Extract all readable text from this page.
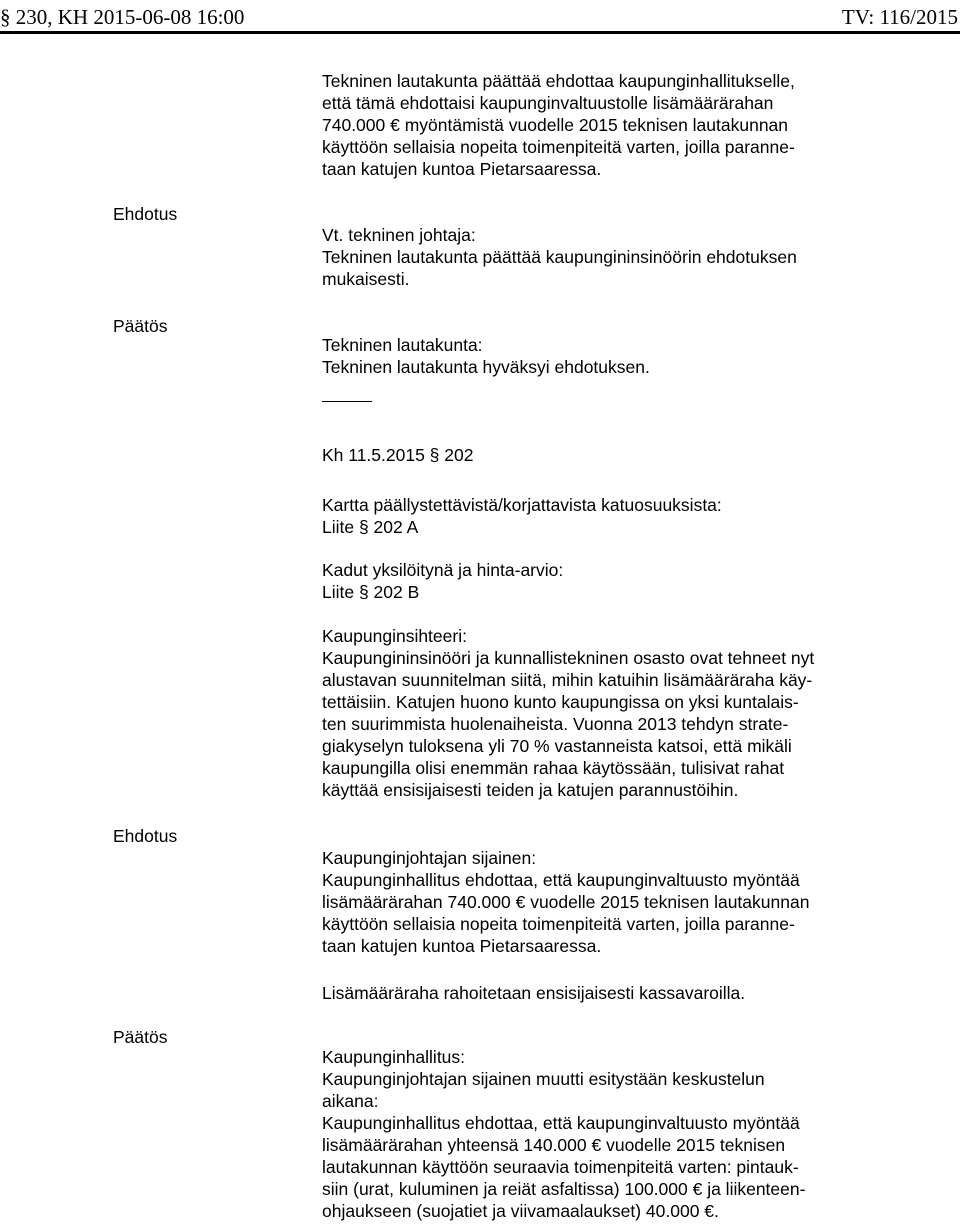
§ 230, KH 2015-06-08 16:00	TV: 116/2015
Ehdotus
Päätös
Ehdotus
Päätös
Tekninen lautakunta päättää ehdottaa kaupunginhallitukselle,
että tämä ehdottaisi kaupunginvaltuustolle lisämäärärahan
740.000 € myöntämistä vuodelle 2015 teknisen lautakunnan
käyttöön sellaisia nopeita toimenpiteitä varten, joilla paranne-
taan katujen kuntoa Pietarsaaressa.
Vt. tekninen johtaja:
Tekninen lautakunta päättää kaupungininsinöörin ehdotuksen
mukaisesti.
Tekninen lautakunta:
Tekninen lautakunta hyväksyi ehdotuksen.
Kh 11.5.2015 § 202
Kartta päällystettävistä/korjattavista katuosuuksista:
Liite § 202 A
Kadut yksilöitynä ja hinta-arvio:
Liite § 202 B
Kaupunginsihteeri:
Kaupungininsinööri ja kunnallistekninen osasto ovat tehneet nyt
alustavan suunnitelman siitä, mihin katuihin lisämääräraha käy-
tettäisiin. Katujen huono kunto kaupungissa on yksi kuntalais-
ten suurimmista huolenaiheista. Vuonna 2013 tehdyn strate-
giakyselyn tuloksena yli 70 % vastanneista katsoi, että mikäli
kaupungilla olisi enemmän rahaa käytössään, tulisivat rahat
käyttää ensisijaisesti teiden ja katujen parannustöihin.
Kaupunginjohtajan sijainen:
Kaupunginhallitus ehdottaa, että kaupunginvaltuusto myöntää
lisämäärärahan 740.000 € vuodelle 2015 teknisen lautakunnan
käyttöön sellaisia nopeita toimenpiteitä varten, joilla paranne-
taan katujen kuntoa Pietarsaaressa.
Lisämääräraha rahoitetaan ensisijaisesti kassavaroilla.
Kaupunginhallitus:
Kaupunginjohtajan sijainen muutti esitystään keskustelun
aikana:
Kaupunginhallitus ehdottaa, että kaupunginvaltuusto myöntää
lisämäärärahan yhteensä 140.000 € vuodelle 2015 teknisen
lautakunnan käyttöön seuraavia toimenpiteitä varten: pintauk-
siin (urat, kuluminen ja reiät asfaltissa) 100.000 € ja liikenteen-
ohjaukseen (suojatiet ja viivamaalaukset) 40.000 €.
